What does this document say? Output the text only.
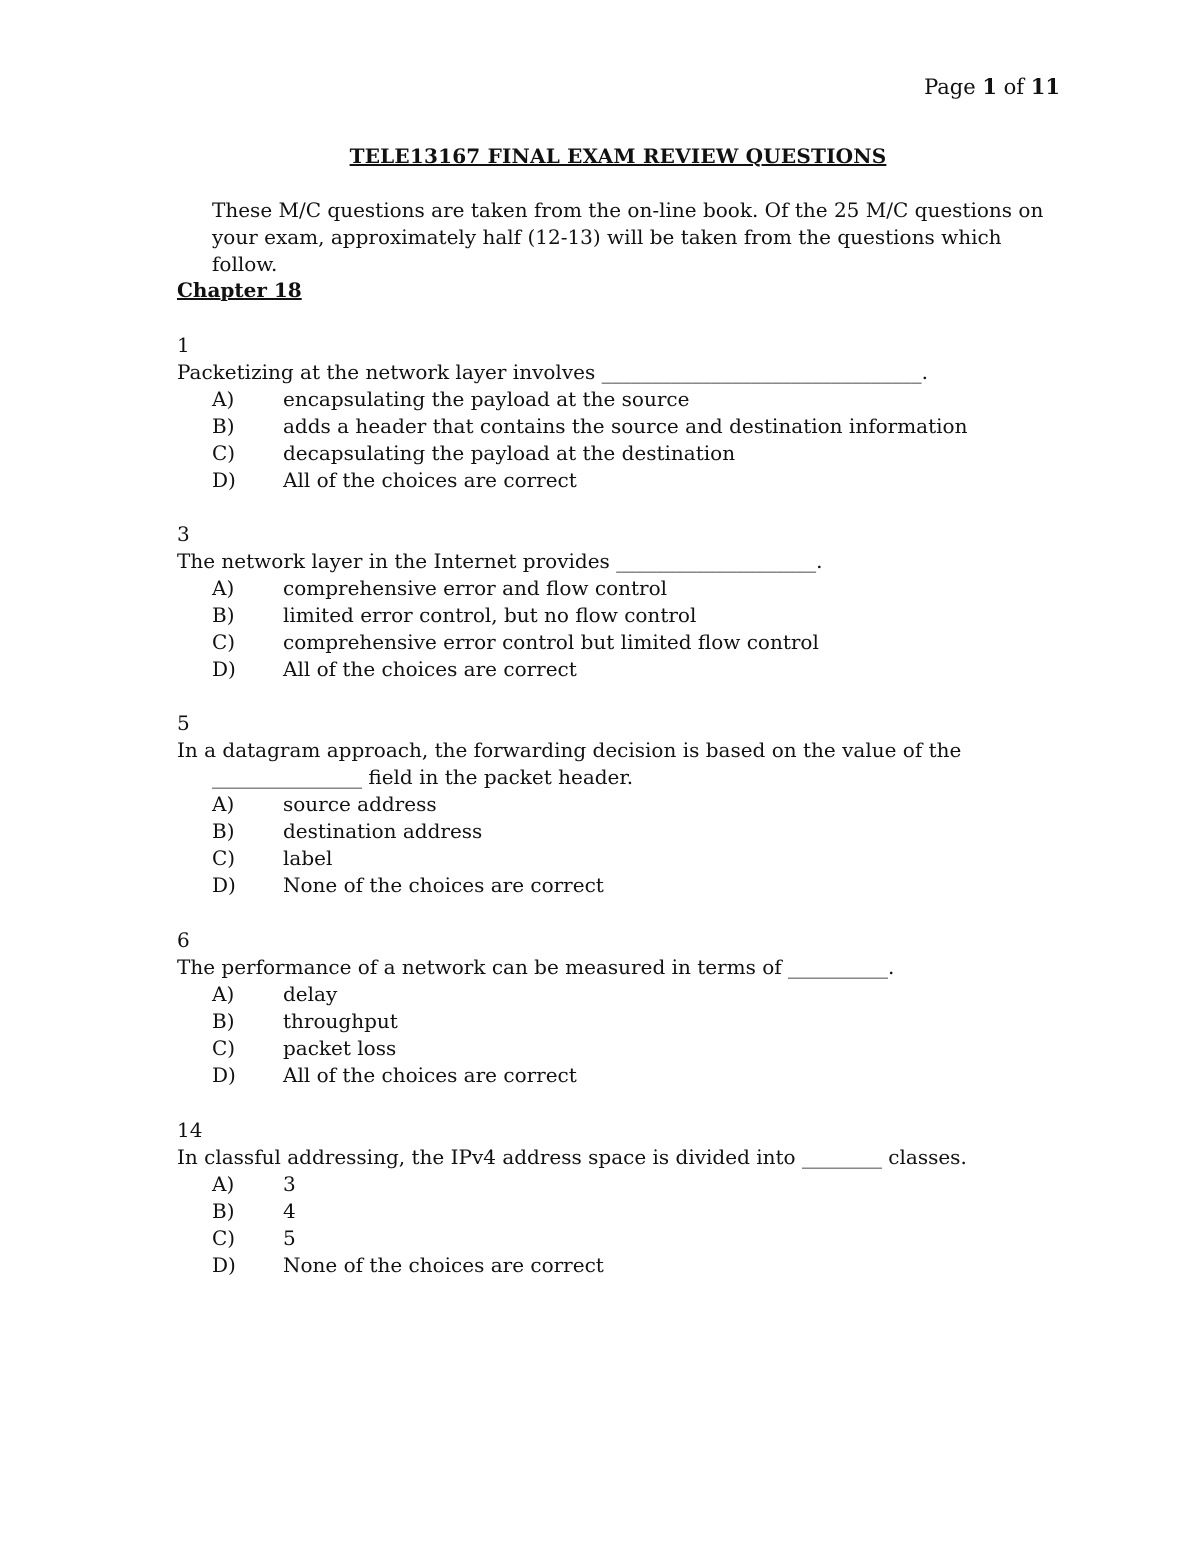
Page 1 of 11
TELE13167 FINAL EXAM REVIEW QUESTIONS
These M/C questions are taken from the on-line book. Of the 25 M/C questions on your exam, approximately half (12-13) will be taken from the questions which follow.
Chapter 18
1
Packetizing at the network layer involves ________________________________.
A)	encapsulating the payload at the source
B)	adds a header that contains the source and destination information
C)	decapsulating the payload at the destination
D)	All of the choices are correct
3
The network layer in the Internet provides ____________________.
A)	comprehensive error and flow control
B)	limited error control, but no flow control
C)	comprehensive error control but limited flow control
D)	All of the choices are correct
5
In a datagram approach, the forwarding decision is based on the value of the _______________ field in the packet header.
A)	source address
B)	destination address
C)	label
D)	None of the choices are correct
6
The performance of a network can be measured in terms of __________.
A)	delay
B)	throughput
C)	packet loss
D)	All of the choices are correct
14
In classful addressing, the IPv4 address space is divided into ________ classes.
A)	3
B)	4
C)	5
D)	None of the choices are correct
